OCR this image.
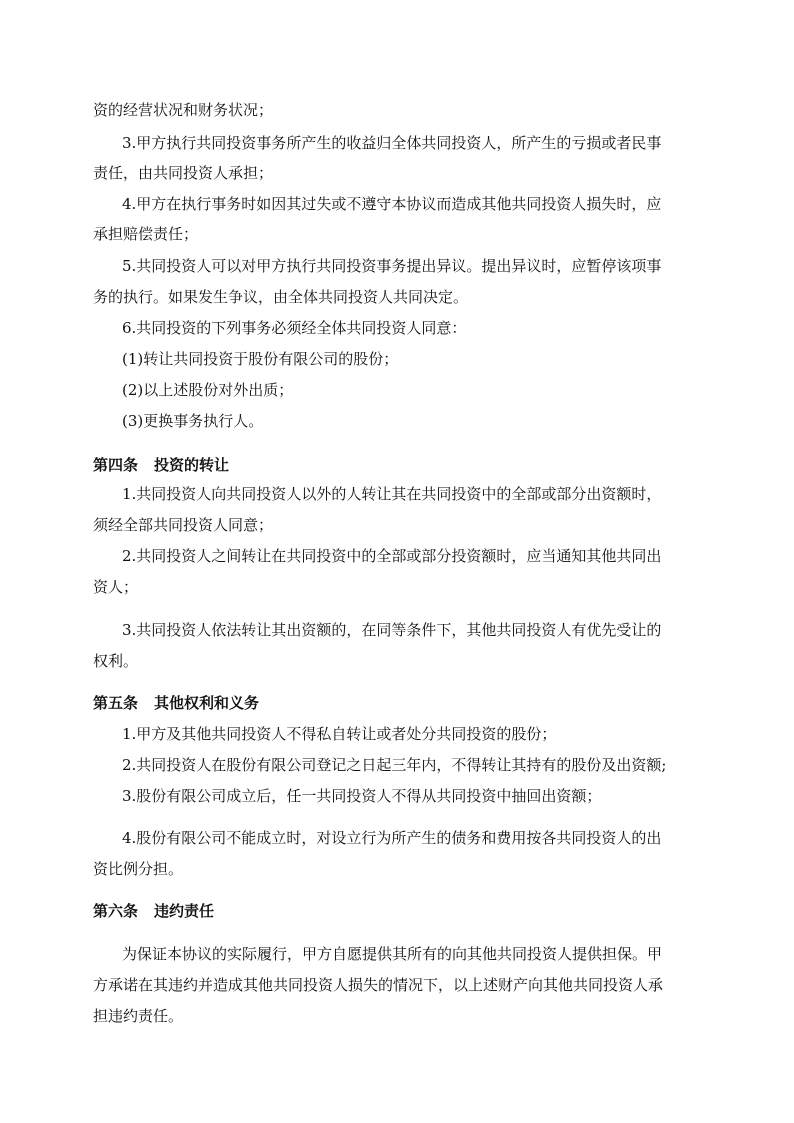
资的经营状况和财务状况；
3.甲方执行共同投资事务所产生的收益归全体共同投资人，所产生的亏损或者民事
责任，由共同投资人承担；
4.甲方在执行事务时如因其过失或不遵守本协议而造成其他共同投资人损失时，应
承担赔偿责任；
5.共同投资人可以对甲方执行共同投资事务提出异议。提出异议时，应暂停该项事
务的执行。如果发生争议，由全体共同投资人共同决定。
6.共同投资的下列事务必须经全体共同投资人同意：
(1)转让共同投资于股份有限公司的股份；
(2)以上述股份对外出质；
(3)更换事务执行人。
第四条 投资的转让
1.共同投资人向共同投资人以外的人转让其在共同投资中的全部或部分出资额时，
须经全部共同投资人同意；
2.共同投资人之间转让在共同投资中的全部或部分投资额时，应当通知其他共同出
资人；
3.共同投资人依法转让其出资额的，在同等条件下，其他共同投资人有优先受让的
权利。
第五条 其他权利和义务
1.甲方及其他共同投资人不得私自转让或者处分共同投资的股份；
2.共同投资人在股份有限公司登记之日起三年内，不得转让其持有的股份及出资额;
3.股份有限公司成立后，任一共同投资人不得从共同投资中抽回出资额；
4.股份有限公司不能成立时，对设立行为所产生的债务和费用按各共同投资人的出
资比例分担。
第六条 违约责任
为保证本协议的实际履行，甲方自愿提供其所有的向其他共同投资人提供担保。甲
方承诺在其违约并造成其他共同投资人损失的情况下，以上述财产向其他共同投资人承
担违约责任。
